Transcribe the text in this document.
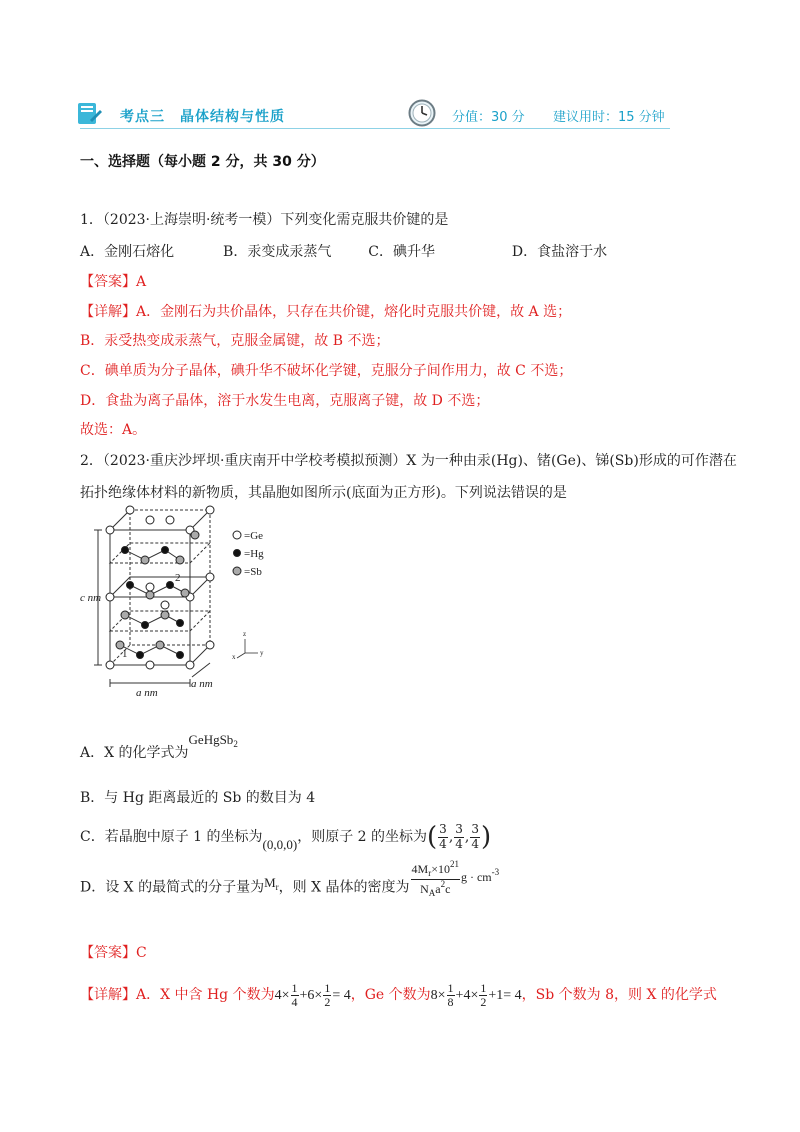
考点三　晶体结构与性质	分值：30 分 建议用时：15 分钟
一、选择题（每小题 2 分，共 30 分）
1．（2023·上海崇明·统考一模）下列变化需克服共价键的是
A．金刚石熔化	B．汞变成汞蒸气	C．碘升华	D．食盐溶于水
【答案】A
【详解】A．金刚石为共价晶体，只存在共价键，熔化时克服共价键，故 A 选；
B．汞受热变成汞蒸气，克服金属键，故 B 不选；
C．碘单质为分子晶体，碘升华不破坏化学键，克服分子间作用力，故 C 不选；
D．食盐为离子晶体，溶于水发生电离，克服离子键，故 D 不选；
故选：A。
2．（2023·重庆沙坪坝·重庆南开中学校考模拟预测）X 为一种由汞(Hg)、锗(Ge)、锑(Sb)形成的可作潜在
拓扑绝缘体材料的新物质，其晶胞如图所示(底面为正方形)。下列说法错误的是
=Ge
=Hg
=Sb
c nm
a nm
a nm
1
2
z
x	y
A．X 的化学式为GeHgSb$_2$
B．与 Hg 距离最近的 Sb 的数目为 4
C．若晶胞中原子 1 的坐标为(0,0,0)，则原子 2 的坐标为( $\frac{3}{4}$ , $\frac{3}{4}$ , $\frac{3}{4}$ )
D．设 X 的最简式的分子量为$M_r$，则 X 晶体的密度为 $\frac{4M_r\times 10^{21}}{N_Aa^2c}$ $g \cdot cm^{-3}$
【答案】C
【详解】A．X 中含 Hg 个数为$4\times \frac{1}{4} +6\times \frac{1}{2} = 4$，Ge 个数为$8\times \frac{1}{8} +4\times \frac{1}{2} +1= 4$，Sb 个数为 8，则 X 的化学式
